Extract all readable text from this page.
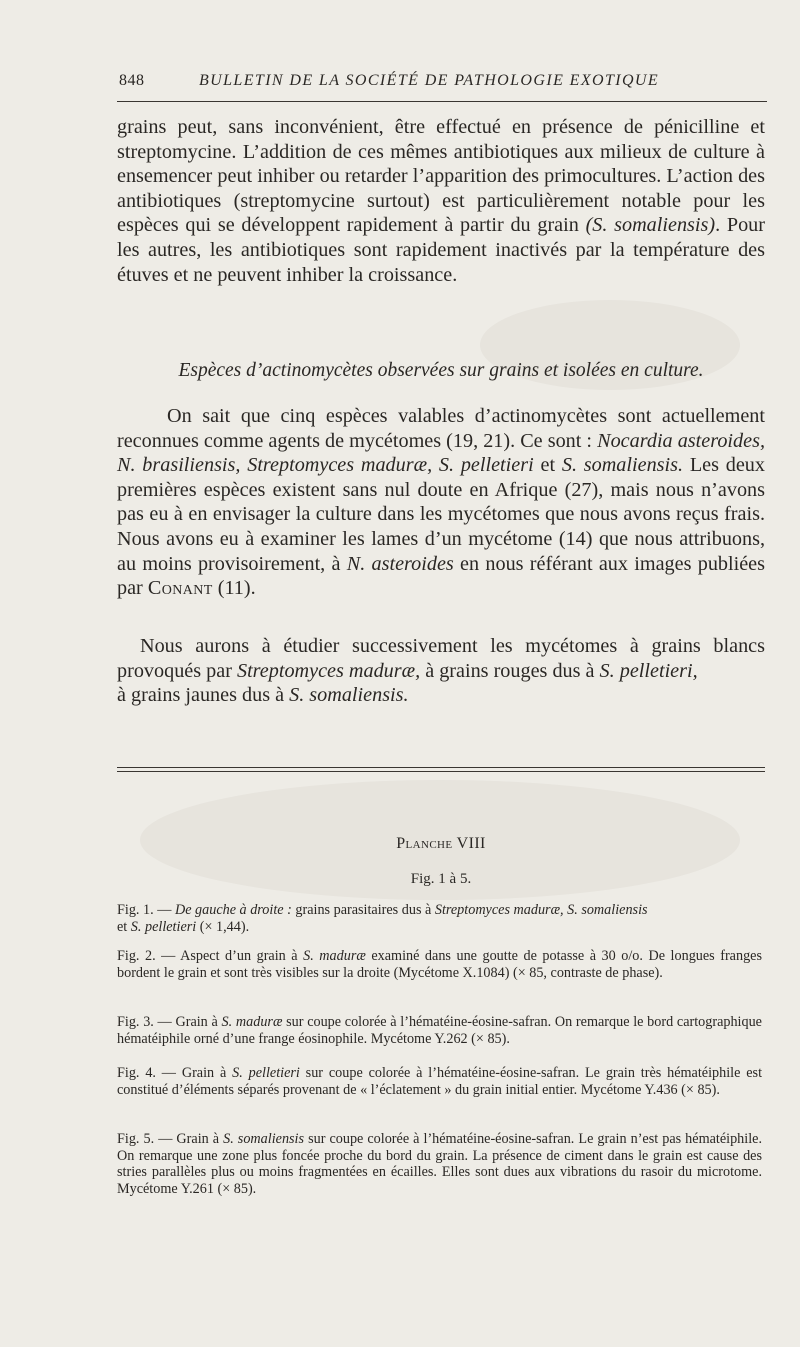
848	BULLETIN DE LA SOCIÉTÉ DE PATHOLOGIE EXOTIQUE

grains peut, sans inconvénient, être effectué en présence de pénicilline et streptomycine. L’addition de ces mêmes antibiotiques aux milieux de culture à ensemencer peut inhiber ou retarder l’apparition des primocultures. L’action des antibiotiques (streptomycine surtout) est particulièrement notable pour les espèces qui se développent rapidement à partir du grain (S. somaliensis). Pour les autres, les antibiotiques sont rapidement inactivés par la température des étuves et ne peuvent inhiber la croissance.

Espèces d’actinomycètes observées sur grains et isolées en culture.

On sait que cinq espèces valables d’actinomycètes sont actuellement reconnues comme agents de mycétomes (19, 21). Ce sont : Nocardia asteroides, N. brasiliensis, Streptomyces maduræ, S. pelletieri et S. somaliensis. Les deux premières espèces existent sans nul doute en Afrique (27), mais nous n’avons pas eu à en envisager la culture dans les mycétomes que nous avons reçus frais. Nous avons eu à examiner les lames d’un mycétome (14) que nous attribuons, au moins provisoirement, à N. asteroides en nous référant aux images publiées par Conant (11).

Nous aurons à étudier successivement les mycétomes à grains blancs provoqués par Streptomyces maduræ, à grains rouges dus à S. pelletieri,
à grains jaunes dus à S. somaliensis.

Planche VIII

Fig. 1 à 5.

Fig. 1. — De gauche à droite : grains parasitaires dus à Streptomyces maduræ, S. somaliensis
et S. pelletieri (× 1,44).

Fig. 2. — Aspect d’un grain à S. maduræ examiné dans une goutte de potasse à 30 o/o. De longues franges bordent le grain et sont très visibles sur la droite (Mycétome X.1084) (× 85, contraste de phase).

Fig. 3. — Grain à S. maduræ sur coupe colorée à l’hématéine-éosine-safran. On remarque le bord cartographique hématéiphile orné d’une frange éosinophile. Mycétome Y.262 (× 85).

Fig. 4. — Grain à S. pelletieri sur coupe colorée à l’hématéine-éosine-safran. Le grain très hématéiphile est constitué d’éléments séparés provenant de « l’éclatement » du grain initial entier. Mycétome Y.436 (× 85).

Fig. 5. — Grain à S. somaliensis sur coupe colorée à l’hématéine-éosine-safran. Le grain n’est pas hématéiphile. On remarque une zone plus foncée proche du bord du grain. La présence de ciment dans le grain est cause des stries parallèles plus ou moins fragmentées en écailles. Elles sont dues aux vibrations du rasoir du microtome. Mycétome Y.261 (× 85).
